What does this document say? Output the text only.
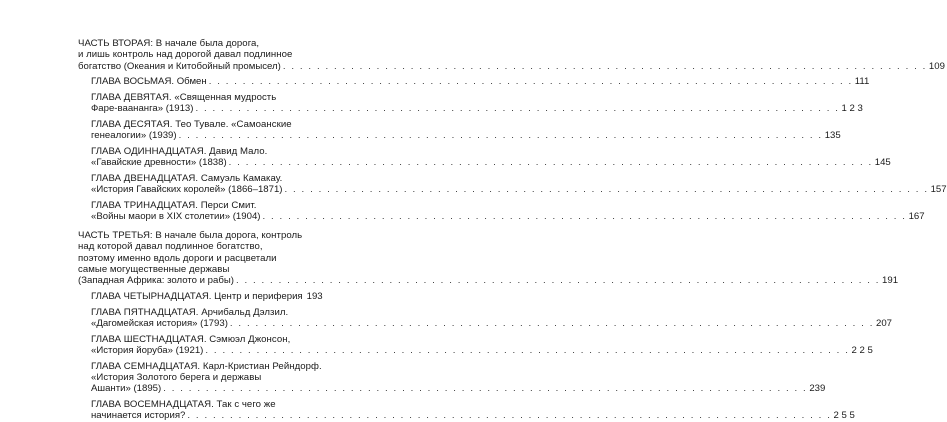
ЧАСТЬ ВТОРАЯ: В начале была дорога,
и лишь контроль над дорогой давал подлинное
богатство (Океания и Китобойный промысел) . . .	109
ГЛАВА ВОСЬМАЯ. Обмен . . .	111
ГЛАВА ДЕВЯТАЯ. «Священная мудрость
Фаре-ваананга» (1913) . . .	1 2 3
ГЛАВА ДЕСЯТАЯ. Тео Тувале. «Самоанские
генеалогии» (1939) . . .	135
ГЛАВА ОДИННАДЦАТАЯ. Давид Мало.
«Гавайские древности» (1838) . . .	145
ГЛАВА ДВЕНАДЦАТАЯ. Самуэль Камакау.
«История Гавайских королей» (1866–1871) . . .	157
ГЛАВА ТРИНАДЦАТАЯ. Перси Смит.
«Войны маори в XIX столетии» (1904) . . .	167
ЧАСТЬ ТРЕТЬЯ: В начале была дорога, контроль
над которой давал подлинное богатство,
поэтому именно вдоль дороги и расцветали
самые могущественные державы
(Западная Африка: золото и рабы) . . .	191
ГЛАВА ЧЕТЫРНАДЦАТАЯ. Центр и периферия 193
ГЛАВА ПЯТНАДЦАТАЯ. Арчибальд Дэлзил.
«Дагомейская история» (1793) . . .	207
ГЛАВА ШЕСТНАДЦАТАЯ. Сэмюэл Джонсон,
«История йоруба» (1921) . . .	2 2 5
ГЛАВА СЕМНАДЦАТАЯ. Карл-Кристиан Рейндорф.
«История Золотого берега и державы
Ашанти» (1895) . . .	239
ГЛАВА ВОСЕМНАДЦАТАЯ. Так с чего же
начинается история? . . .	2 5 5
